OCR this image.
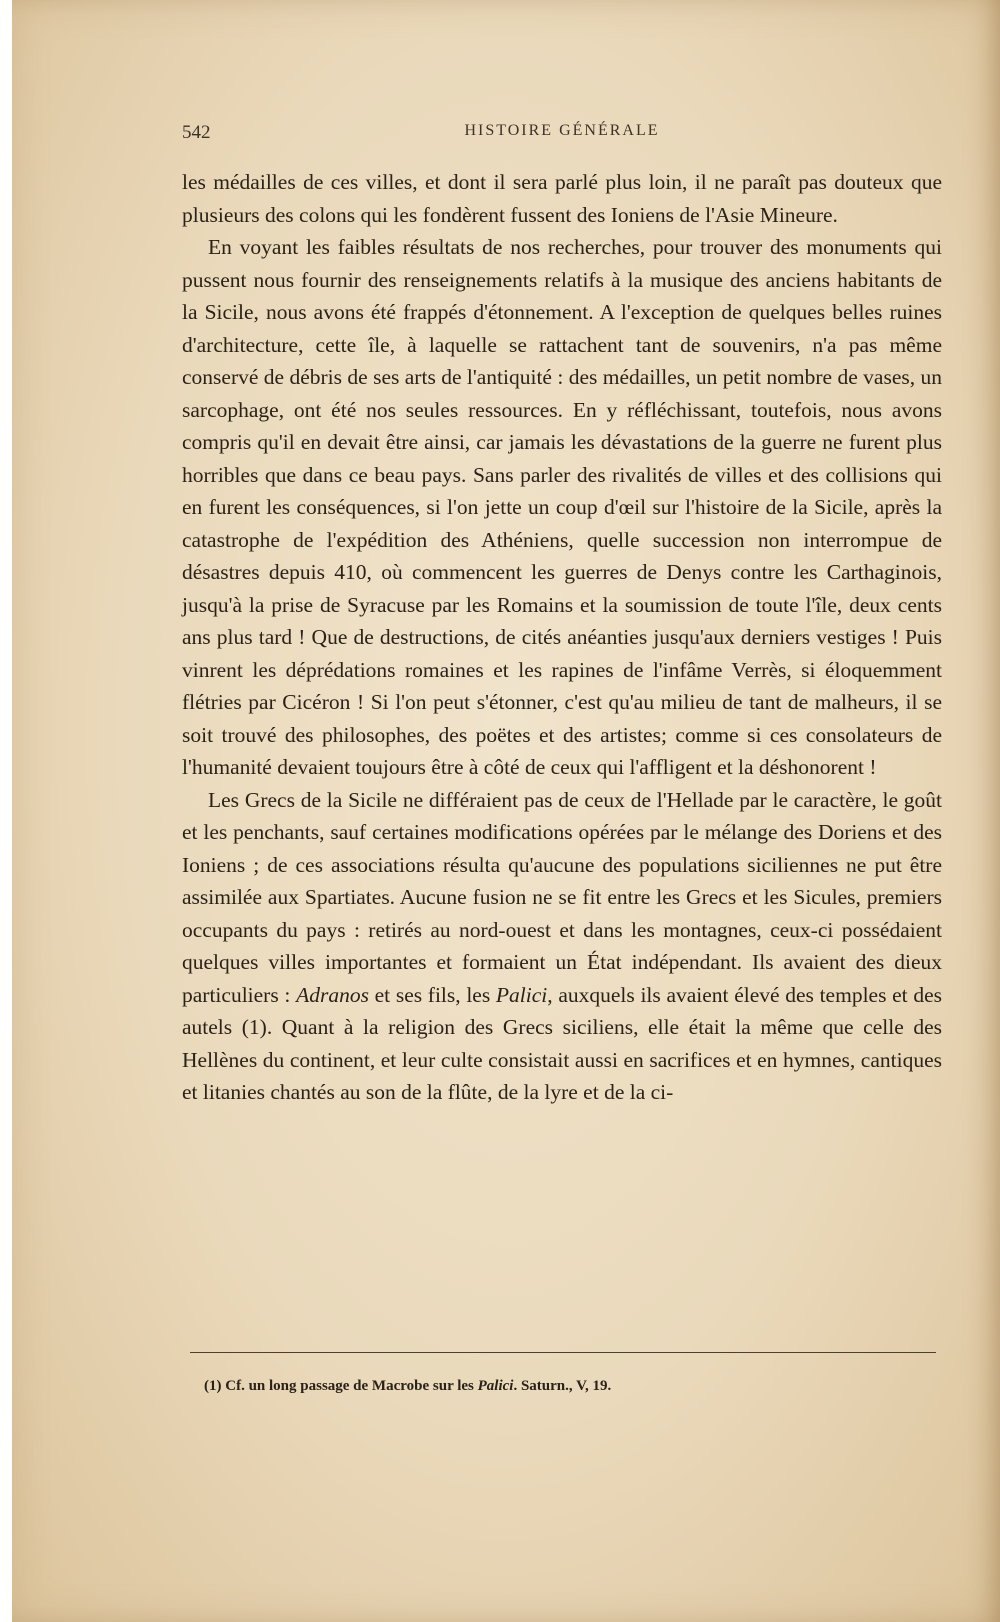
542	HISTOIRE GÉNÉRALE

les médailles de ces villes, et dont il sera parlé plus loin, il ne paraît pas douteux que plusieurs des colons qui les fondèrent fussent des Ioniens de l'Asie Mineure.

En voyant les faibles résultats de nos recherches, pour trouver des monuments qui pussent nous fournir des renseignements relatifs à la musique des anciens habitants de la Sicile, nous avons été frappés d'étonnement. A l'exception de quelques belles ruines d'architecture, cette île, à laquelle se rattachent tant de souvenirs, n'a pas même conservé de débris de ses arts de l'antiquité : des médailles, un petit nombre de vases, un sarcophage, ont été nos seules ressources. En y réfléchissant, toutefois, nous avons compris qu'il en devait être ainsi, car jamais les dévastations de la guerre ne furent plus horribles que dans ce beau pays. Sans parler des rivalités de villes et des collisions qui en furent les conséquences, si l'on jette un coup d'œil sur l'histoire de la Sicile, après la catastrophe de l'expédition des Athéniens, quelle succession non interrompue de désastres depuis 410, où commencent les guerres de Denys contre les Carthaginois, jusqu'à la prise de Syracuse par les Romains et la soumission de toute l'île, deux cents ans plus tard ! Que de destructions, de cités anéanties jusqu'aux derniers vestiges ! Puis vinrent les déprédations romaines et les rapines de l'infâme Verrès, si éloquemment flétries par Cicéron ! Si l'on peut s'étonner, c'est qu'au milieu de tant de malheurs, il se soit trouvé des philosophes, des poëtes et des artistes; comme si ces consolateurs de l'humanité devaient toujours être à côté de ceux qui l'affligent et la déshonorent !

Les Grecs de la Sicile ne différaient pas de ceux de l'Hellade par le caractère, le goût et les penchants, sauf certaines modifications opérées par le mélange des Doriens et des Ioniens ; de ces associations résulta qu'aucune des populations siciliennes ne put être assimilée aux Spartiates. Aucune fusion ne se fit entre les Grecs et les Sicules, premiers occupants du pays : retirés au nord-ouest et dans les montagnes, ceux-ci possédaient quelques villes importantes et formaient un État indépendant. Ils avaient des dieux particuliers : Adranos et ses fils, les Palici, auxquels ils avaient élevé des temples et des autels (1). Quant à la religion des Grecs siciliens, elle était la même que celle des Hellènes du continent, et leur culte consistait aussi en sacrifices et en hymnes, cantiques et litanies chantés au son de la flûte, de la lyre et de la ci-

(1) Cf. un long passage de Macrobe sur les Palici. Saturn., V, 19.
